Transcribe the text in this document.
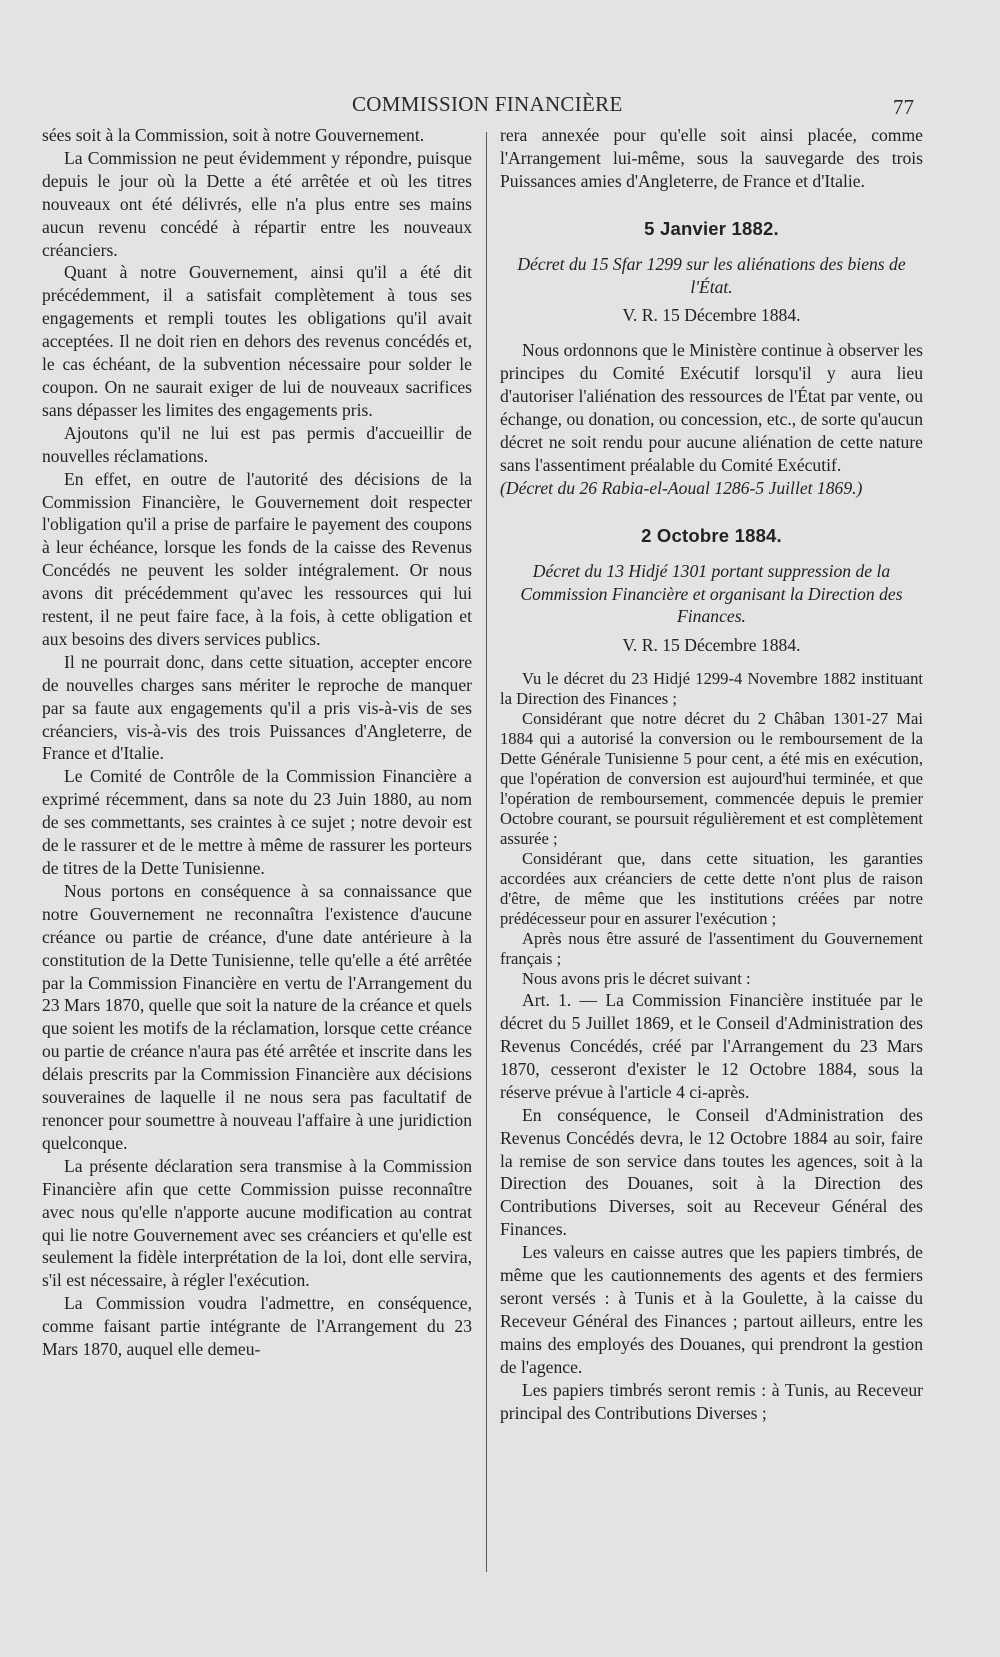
COMMISSION FINANCIÈRE	77

sées soit à la Commission, soit à notre Gouvernement.

La Commission ne peut évidemment y répondre, puisque depuis le jour où la Dette a été arrêtée et où les titres nouveaux ont été délivrés, elle n'a plus entre ses mains aucun revenu concédé à répartir entre les nouveaux créanciers.

Quant à notre Gouvernement, ainsi qu'il a été dit précédemment, il a satisfait complètement à tous ses engagements et rempli toutes les obligations qu'il avait acceptées. Il ne doit rien en dehors des revenus concédés et, le cas échéant, de la subvention nécessaire pour solder le coupon. On ne saurait exiger de lui de nouveaux sacrifices sans dépasser les limites des engagements pris.

Ajoutons qu'il ne lui est pas permis d'accueillir de nouvelles réclamations.

En effet, en outre de l'autorité des décisions de la Commission Financière, le Gouvernement doit respecter l'obligation qu'il a prise de parfaire le payement des coupons à leur échéance, lorsque les fonds de la caisse des Revenus Concédés ne peuvent les solder intégralement. Or nous avons dit précédemment qu'avec les ressources qui lui restent, il ne peut faire face, à la fois, à cette obligation et aux besoins des divers services publics.

Il ne pourrait donc, dans cette situation, accepter encore de nouvelles charges sans mériter le reproche de manquer par sa faute aux engagements qu'il a pris vis-à-vis de ses créanciers, vis-à-vis des trois Puissances d'Angleterre, de France et d'Italie.

Le Comité de Contrôle de la Commission Financière a exprimé récemment, dans sa note du 23 Juin 1880, au nom de ses commettants, ses craintes à ce sujet ; notre devoir est de le rassurer et de le mettre à même de rassurer les porteurs de titres de la Dette Tunisienne.

Nous portons en conséquence à sa connaissance que notre Gouvernement ne reconnaîtra l'existence d'aucune créance ou partie de créance, d'une date antérieure à la constitution de la Dette Tunisienne, telle qu'elle a été arrêtée par la Commission Financière en vertu de l'Arrangement du 23 Mars 1870, quelle que soit la nature de la créance et quels que soient les motifs de la réclamation, lorsque cette créance ou partie de créance n'aura pas été arrêtée et inscrite dans les délais prescrits par la Commission Financière aux décisions souveraines de laquelle il ne nous sera pas facultatif de renoncer pour soumettre à nouveau l'affaire à une juridiction quelconque.

La présente déclaration sera transmise à la Commission Financière afin que cette Commission puisse reconnaître avec nous qu'elle n'apporte aucune modification au contrat qui lie notre Gouvernement avec ses créanciers et qu'elle est seulement la fidèle interprétation de la loi, dont elle servira, s'il est nécessaire, à régler l'exécution.

La Commission voudra l'admettre, en conséquence, comme faisant partie intégrante de l'Arrangement du 23 Mars 1870, auquel elle demeu-

rera annexée pour qu'elle soit ainsi placée, comme l'Arrangement lui-même, sous la sauvegarde des trois Puissances amies d'Angleterre, de France et d'Italie.

5 Janvier 1882.
Décret du 15 Sfar 1299 sur les aliénations des biens de l'État.
V. R. 15 Décembre 1884.

Nous ordonnons que le Ministère continue à observer les principes du Comité Exécutif lorsqu'il y aura lieu d'autoriser l'aliénation des ressources de l'État par vente, ou échange, ou donation, ou concession, etc., de sorte qu'aucun décret ne soit rendu pour aucune aliénation de cette nature sans l'assentiment préalable du Comité Exécutif.

(Décret du 26 Rabia-el-Aoual 1286-5 Juillet 1869.)

2 Octobre 1884.
Décret du 13 Hidjé 1301 portant suppression de la Commission Financière et organisant la Direction des Finances.
V. R. 15 Décembre 1884.

Vu le décret du 23 Hidjé 1299-4 Novembre 1882 instituant la Direction des Finances ;

Considérant que notre décret du 2 Châban 1301-27 Mai 1884 qui a autorisé la conversion ou le remboursement de la Dette Générale Tunisienne 5 pour cent, a été mis en exécution, que l'opération de conversion est aujourd'hui terminée, et que l'opération de remboursement, commencée depuis le premier Octobre courant, se poursuit régulièrement et est complètement assurée ;

Considérant que, dans cette situation, les garanties accordées aux créanciers de cette dette n'ont plus de raison d'être, de même que les institutions créées par notre prédécesseur pour en assurer l'exécution ;

Après nous être assuré de l'assentiment du Gouvernement français ;

Nous avons pris le décret suivant :

Art. 1. — La Commission Financière instituée par le décret du 5 Juillet 1869, et le Conseil d'Administration des Revenus Concédés, créé par l'Arrangement du 23 Mars 1870, cesseront d'exister le 12 Octobre 1884, sous la réserve prévue à l'article 4 ci-après.

En conséquence, le Conseil d'Administration des Revenus Concédés devra, le 12 Octobre 1884 au soir, faire la remise de son service dans toutes les agences, soit à la Direction des Douanes, soit à la Direction des Contributions Diverses, soit au Receveur Général des Finances.

Les valeurs en caisse autres que les papiers timbrés, de même que les cautionnements des agents et des fermiers seront versés : à Tunis et à la Goulette, à la caisse du Receveur Général des Finances ; partout ailleurs, entre les mains des employés des Douanes, qui prendront la gestion de l'agence.

Les papiers timbrés seront remis : à Tunis, au Receveur principal des Contributions Diverses ;
